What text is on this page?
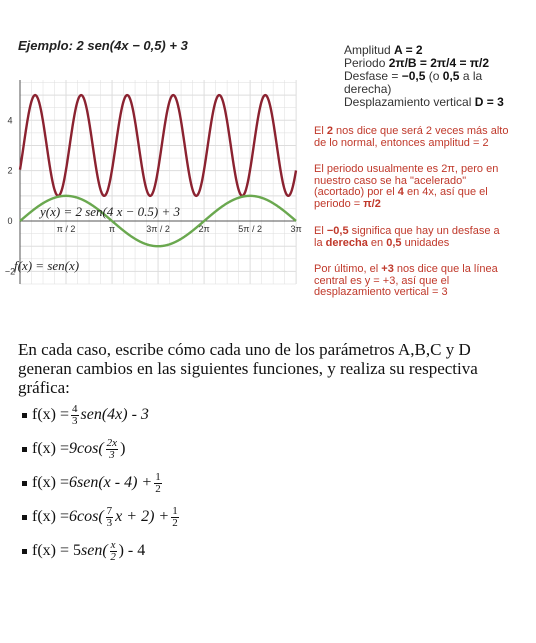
Ejemplo: 2 sen(4x − 0,5) + 3
4
2
0
−2
π / 2	π	3π / 2	2π	5π / 2	3π
y(x) = 2 sen(4 x − 0.5) + 3
f(x) = sen(x)
Amplitud A = 2
Periodo 2π/B = 2π/4 = π/2
Desfase = −0,5 (o 0,5 a la
derecha)
Desplazamiento vertical D = 3
El 2 nos dice que será 2 veces más alto
de lo normal, entonces amplitud = 2
El periodo usualmente es 2π, pero en
nuestro caso se ha "acelerado"
(acortado) por el 4 en 4x, así que el
periodo = π/2
El −0,5 significa que hay un desfase a
la derecha en 0,5 unidades
Por último, el +3 nos dice que la línea
central es y = +3, así que el
desplazamiento vertical = 3
En cada caso, escribe cómo cada uno de los parámetros A,B,C y D generan cambios en las siguientes funciones, y realiza su respectiva gráfica:
$f(x) = \frac{4}{3} sen(4x) - 3$
$f(x) = 9\cos( \frac{2x}{3}$ )
$f(x) = 6sen(x - 4) + \frac{1}{2}$
$f(x) = 6\cos( \frac{7}{3}$ $x + 2) + \frac{1}{2}$
f(x) = 5 $sen( \frac{x}{2}$ ) - 4
